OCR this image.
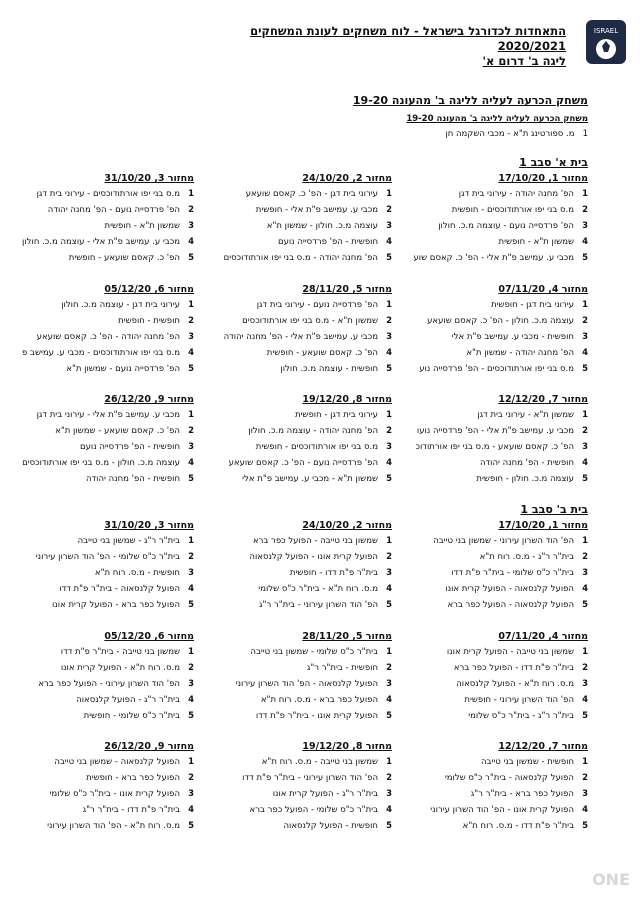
ISRAEL
התאחדות לכדורגל בישראל - לוח משחקים לעונת המשחקים 2020/2021
ליגה ב' דרום א'
משחק הכרעה לעליה לליגה ב' מהעונה 19-20
משחק הכרעה לעליה לליגה ב' מהעונה 19-20
1   מ. ספורטינג ת"א - מכבי השקמה חן
בית א' סבב 1
בית ב' סבב 1
מחזור 1, 17/10/20
1הפ' מחנה יהודה - עירוני בית דגן
2מ.ס בני יפו אורתודוכסים - חופשית
3הפ' פרדסייה נועם - עוצמה מ.כ. חולון
4שמשון ת"א - חופשית
5מכבי ע. עמישב פ"ת אלי - הפ' כ. קאסם שוע
מחזור 2, 24/10/20
1עירוני בית דגן - הפ' כ. קאסם שועאע
2מכבי ע. עמישב פ"ת אלי - חופשית
3עוצמה מ.כ. חולון - שמשון ת"א
4חופשית - הפ' פרדסייה נועם
5הפ' מחנה יהודה - מ.ס בני יפו אורתודוכסים
מחזור 3, 31/10/20
1מ.ס בני יפו אורתודוכסים - עירוני בית דגן
2הפ' פרדסייה נועם - הפ' מחנה יהודה
3שמשון ת"א - חופשית
4מכבי ע. עמישב פ"ת אלי - עוצמה מ.כ. חולון
5הפ' כ. קאסם שועאע - חופשית
מחזור 4, 07/11/20
1עירוני בית דגן - חופשית
2עוצמה מ.כ. חולון - הפ' כ. קאסם שועאע
3חופשית - מכבי ע. עמישב פ"ת אלי
4הפ' מחנה יהודה - שמשון ת"א
5מ.ס בני יפו אורתודוכסים - הפ' פרדסייה נוע
מחזור 5, 28/11/20
1הפ' פרדסייה נועם - עירוני בית דגן
2שמשון ת"א - מ.ס בני יפו אורתודוכסים
3מכבי ע. עמישב פ"ת אלי - הפ' מחנה יהודה
4הפ' כ. קאסם שועאע - חופשית
5חופשית - עוצמה מ.כ. חולון
מחזור 6, 05/12/20
1עירוני בית דגן - עוצמה מ.כ. חולון
2חופשית - חופשית
3הפ' מחנה יהודה - הפ' כ. קאסם שועאע
4מ.ס בני יפו אורתודוכסים - מכבי ע. עמישב פ
5הפ' פרדסייה נועם - שמשון ת"א
מחזור 7, 12/12/20
1שמשון ת"א - עירוני בית דגן
2מכבי ע. עמישב פ"ת אלי - הפ' פרדסייה נועו
3הפ' כ. קאסם שועאע - מ.ס בני יפו אורתודוכ
4חופשית - הפ' מחנה יהודה
5עוצמה מ.כ. חולון - חופשית
מחזור 8, 19/12/20
1עירוני בית דגן - חופשית
2הפ' מחנה יהודה - עוצמה מ.כ. חולון
3מ.ס בני יפו אורתודוכסים - חופשית
4הפ' פרדסייה נועם - הפ' כ. קאסם שועאע
5שמשון ת"א - מכבי ע. עמישב פ"ת אלי
מחזור 9, 26/12/20
1מכבי ע. עמישב פ"ת אלי - עירוני בית דגן
2הפ' כ. קאסם שועאע - שמשון ת"א
3חופשית - הפ' פרדסייה נועם
4עוצמה מ.כ. חולון - מ.ס בני יפו אורתודוכסים
5חופשית - הפ' מחנה יהודה
מחזור 1, 17/10/20
1הפ' הוד השרון עירוני - שמשון בני טייבה
2בית"ר ר"ג - מ.ס. רוח ת"א
3בית"ר כ"ס שלומי - בית"ר פ"ת דדו
4הפועל קלנסאוה - הפועל קרית אונו
5הפועל קלנסאוה - הפועל כפר ברא
מחזור 2, 24/10/20
1שמשון בני טייבה - הפועל כפר ברא
2הפועל קרית אונו - הפועל קלנסאוה
3בית"ר פ"ת דדו - חופשית
4מ.ס. רוח ת"א - בית"ר כ"ס שלומי
5הפ' הוד השרון עירוני - בית"ר ר"ג
מחזור 3, 31/10/20
1בית"ר ר"ג - שמשון בני טייבה
2בית"ר כ"ס שלומי - הפ' הוד השרון עירוני
3חופשית - מ.ס. רוח ת"א
4הפועל קלנסאוה - בית"ר פ"ת דדו
5הפועל כפר ברא - הפועל קרית אונו
מחזור 4, 07/11/20
1שמשון בני טייבה - הפועל קרית אונו
2בית"ר פ"ת דדו - הפועל כפר ברא
3מ.ס. רוח ת"א - הפועל קלנסאוה
4הפ' הוד השרון עירוני - חופשית
5בית"ר ר"ג - בית"ר כ"ס שלומי
מחזור 5, 28/11/20
1בית"ר כ"ס שלומי - שמשון בני טייבה
2חופשית - בית"ר ר"ג
3הפועל קלנסאוה - הפ' הוד השרון עירוני
4הפועל כפר ברא - מ.ס. רוח ת"א
5הפועל קרית אונו - בית"ר פ"ת דדו
מחזור 6, 05/12/20
1שמשון בני טייבה - בית"ר פ"ת דדו
2מ.ס. רוח ת"א - הפועל קרית אונו
3הפ' הוד השרון עירוני - הפועל כפר ברא
4בית"ר ר"ג - הפועל קלנסאוה
5בית"ר כ"ס שלומי - חופשית
מחזור 7, 12/12/20
1חופשית - שמשון בני טייבה
2הפועל קלנסאוה - בית"ר כ"ס שלומי
3הפועל כפר ברא - בית"ר ר"ג
4הפועל קרית אונו - הפ' הוד השרון עירוני
5בית"ר פ"ת דדו - מ.ס. רוח ת"א
מחזור 8, 19/12/20
1שמשון בני טייבה - מ.ס. רוח ת"א
2הפ' הוד השרון עירוני - בית"ר פ"ת דדו
3בית"ר ר"ג - הפועל קרית אונו
4בית"ר כ"ס שלומי - הפועל כפר ברא
5חופשית - הפועל קלנסאוה
מחזור 9, 26/12/20
1הפועל קלנסאוה - שמשון בני טייבה
2הפועל כפר ברא - חופשית
3הפועל קרית אונו - בית"ר כ"ס שלומי
4בית"ר פ"ת דדו - בית"ר ר"ג
5מ.ס. רוח ת"א - הפ' הוד השרון עירוני
ONE
